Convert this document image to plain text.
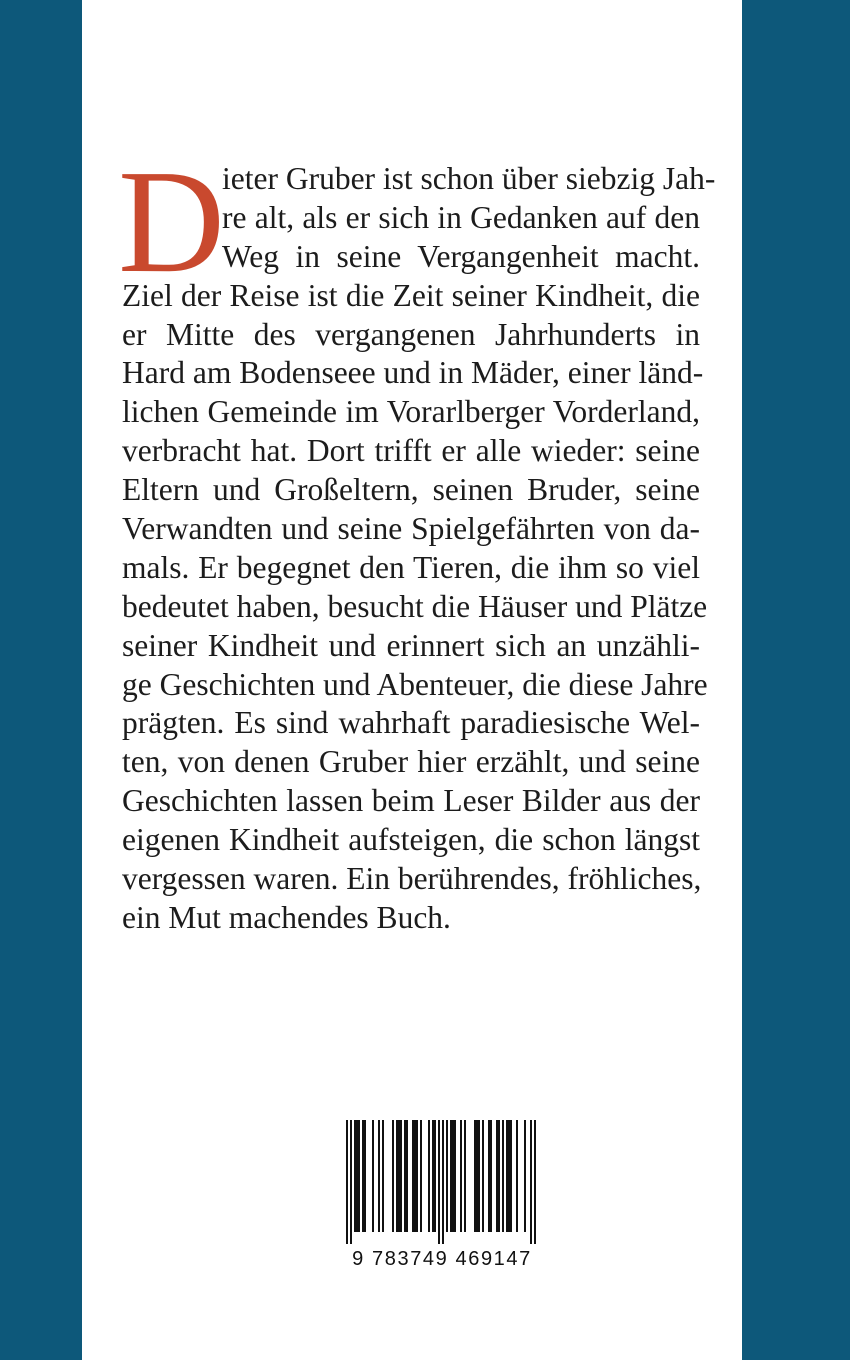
D
ieter Gruber ist schon über siebzig Jah-
re alt, als er sich in Gedanken auf den
Weg in seine Vergangenheit macht.
Ziel der Reise ist die Zeit seiner Kindheit, die
er Mitte des vergangenen Jahrhunderts in
Hard am Bodenseee und in Mäder, einer länd-
lichen Gemeinde im Vorarlberger Vorderland,
verbracht hat. Dort trifft er alle wieder: seine
Eltern und Großeltern, seinen Bruder, seine
Verwandten und seine Spielgefährten von da-
mals. Er begegnet den Tieren, die ihm so viel
bedeutet haben, besucht die Häuser und Plätze
seiner Kindheit und erinnert sich an unzähli-
ge Geschichten und Abenteuer, die diese Jahre
prägten. Es sind wahrhaft paradiesische Wel-
ten, von denen Gruber hier erzählt, und seine
Geschichten lassen beim Leser Bilder aus der
eigenen Kindheit aufsteigen, die schon längst
vergessen waren. Ein berührendes, fröhliches,
ein Mut machendes Buch.
9 783749 469147
